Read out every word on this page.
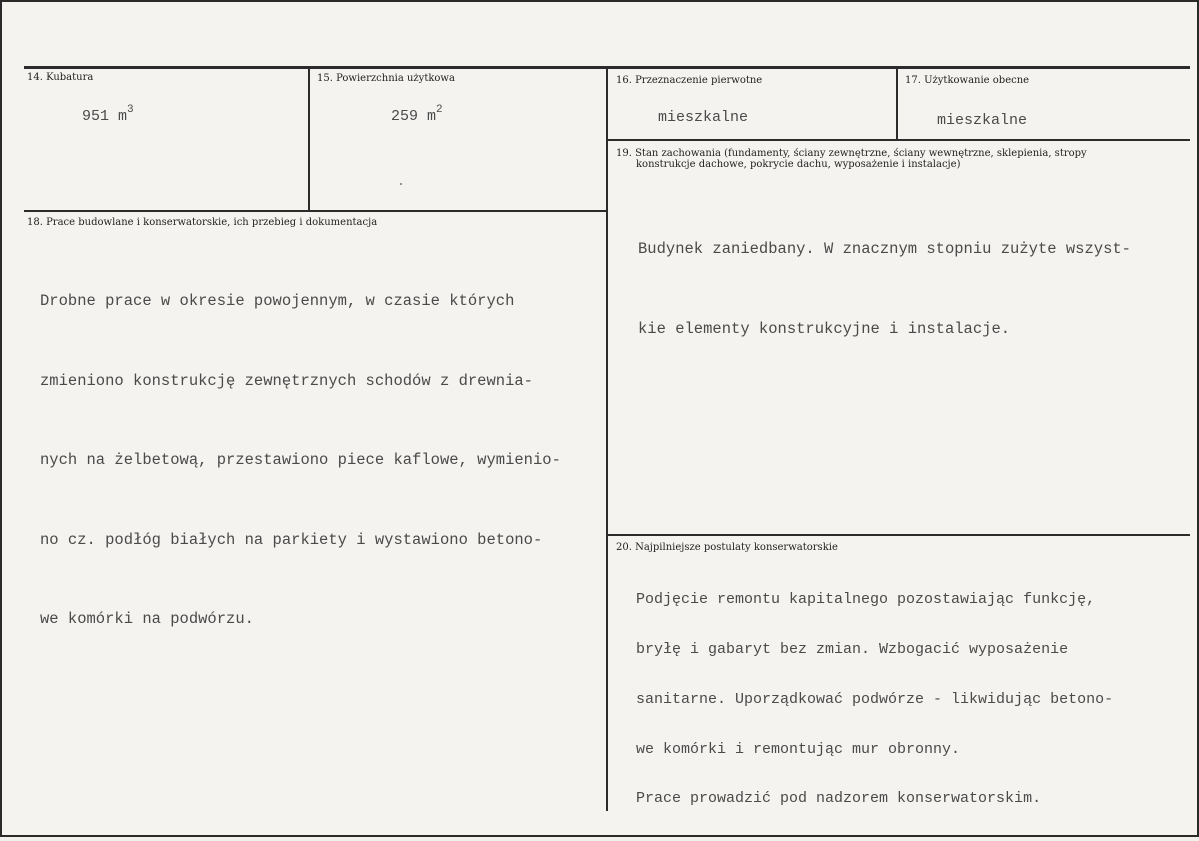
14. Kubatura
951 $m^3$
15. Powierzchnia użytkowa
259 $m^2$
16. Przeznaczenie pierwotne
mieszkalne
17. Użytkowanie obecne
mieszkalne
18. Prace budowlane i konserwatorskie, ich przebieg i dokumentacja

Drobne prace w okresie powojennym, w czasie których

zmieniono konstrukcję zewnętrznych schodów z drewnia-

nych na żelbetową, przestawiono piece kaflowe, wymienio-

no cz. podłóg białych na parkiety i wystawiono betono-

we komórki na podwórzu.

19. Stan zachowania (fundamenty, ściany zewnętrzne, ściany wewnętrzne, sklepienia, stropy
konstrukcje dachowe, pokrycie dachu, wyposażenie i instalacje)

Budynek zaniedbany. W znacznym stopniu zużyte wszyst-

kie elementy konstrukcyjne i instalacje.

20. Najpilniejsze postulaty konserwatorskie

Podjęcie remontu kapitalnego pozostawiając funkcję,

bryłę i gabaryt bez zmian. Wzbogacić wyposażenie

sanitarne. Uporządkować podwórze - likwidując betono-

we komórki i remontując mur obronny.

Prace prowadzić pod nadzorem konserwatorskim.
